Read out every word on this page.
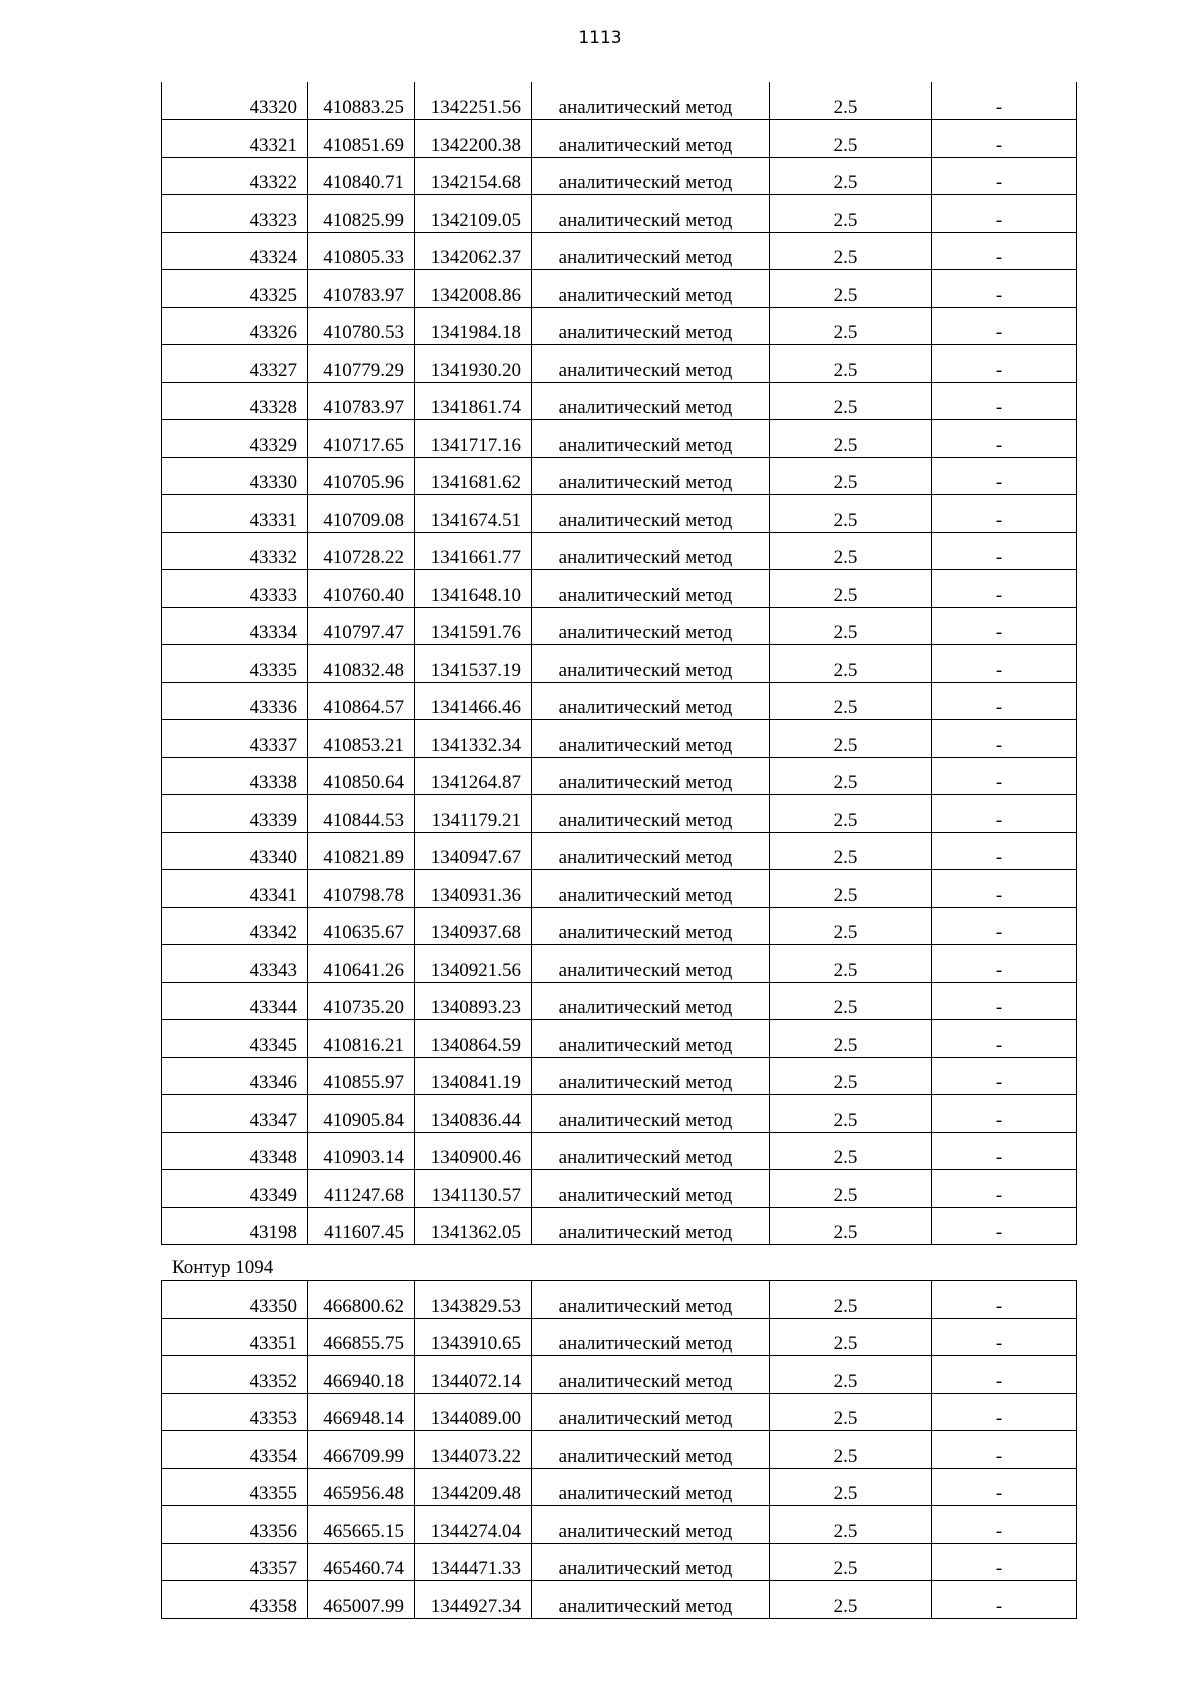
1113
43320	410883.25	1342251.56	аналитический метод	2.5	-
43321	410851.69	1342200.38	аналитический метод	2.5	-
43322	410840.71	1342154.68	аналитический метод	2.5	-
43323	410825.99	1342109.05	аналитический метод	2.5	-
43324	410805.33	1342062.37	аналитический метод	2.5	-
43325	410783.97	1342008.86	аналитический метод	2.5	-
43326	410780.53	1341984.18	аналитический метод	2.5	-
43327	410779.29	1341930.20	аналитический метод	2.5	-
43328	410783.97	1341861.74	аналитический метод	2.5	-
43329	410717.65	1341717.16	аналитический метод	2.5	-
43330	410705.96	1341681.62	аналитический метод	2.5	-
43331	410709.08	1341674.51	аналитический метод	2.5	-
43332	410728.22	1341661.77	аналитический метод	2.5	-
43333	410760.40	1341648.10	аналитический метод	2.5	-
43334	410797.47	1341591.76	аналитический метод	2.5	-
43335	410832.48	1341537.19	аналитический метод	2.5	-
43336	410864.57	1341466.46	аналитический метод	2.5	-
43337	410853.21	1341332.34	аналитический метод	2.5	-
43338	410850.64	1341264.87	аналитический метод	2.5	-
43339	410844.53	1341179.21	аналитический метод	2.5	-
43340	410821.89	1340947.67	аналитический метод	2.5	-
43341	410798.78	1340931.36	аналитический метод	2.5	-
43342	410635.67	1340937.68	аналитический метод	2.5	-
43343	410641.26	1340921.56	аналитический метод	2.5	-
43344	410735.20	1340893.23	аналитический метод	2.5	-
43345	410816.21	1340864.59	аналитический метод	2.5	-
43346	410855.97	1340841.19	аналитический метод	2.5	-
43347	410905.84	1340836.44	аналитический метод	2.5	-
43348	410903.14	1340900.46	аналитический метод	2.5	-
43349	411247.68	1341130.57	аналитический метод	2.5	-
43198	411607.45	1341362.05	аналитический метод	2.5	-
Контур 1094
43350	466800.62	1343829.53	аналитический метод	2.5	-
43351	466855.75	1343910.65	аналитический метод	2.5	-
43352	466940.18	1344072.14	аналитический метод	2.5	-
43353	466948.14	1344089.00	аналитический метод	2.5	-
43354	466709.99	1344073.22	аналитический метод	2.5	-
43355	465956.48	1344209.48	аналитический метод	2.5	-
43356	465665.15	1344274.04	аналитический метод	2.5	-
43357	465460.74	1344471.33	аналитический метод	2.5	-
43358	465007.99	1344927.34	аналитический метод	2.5	-
